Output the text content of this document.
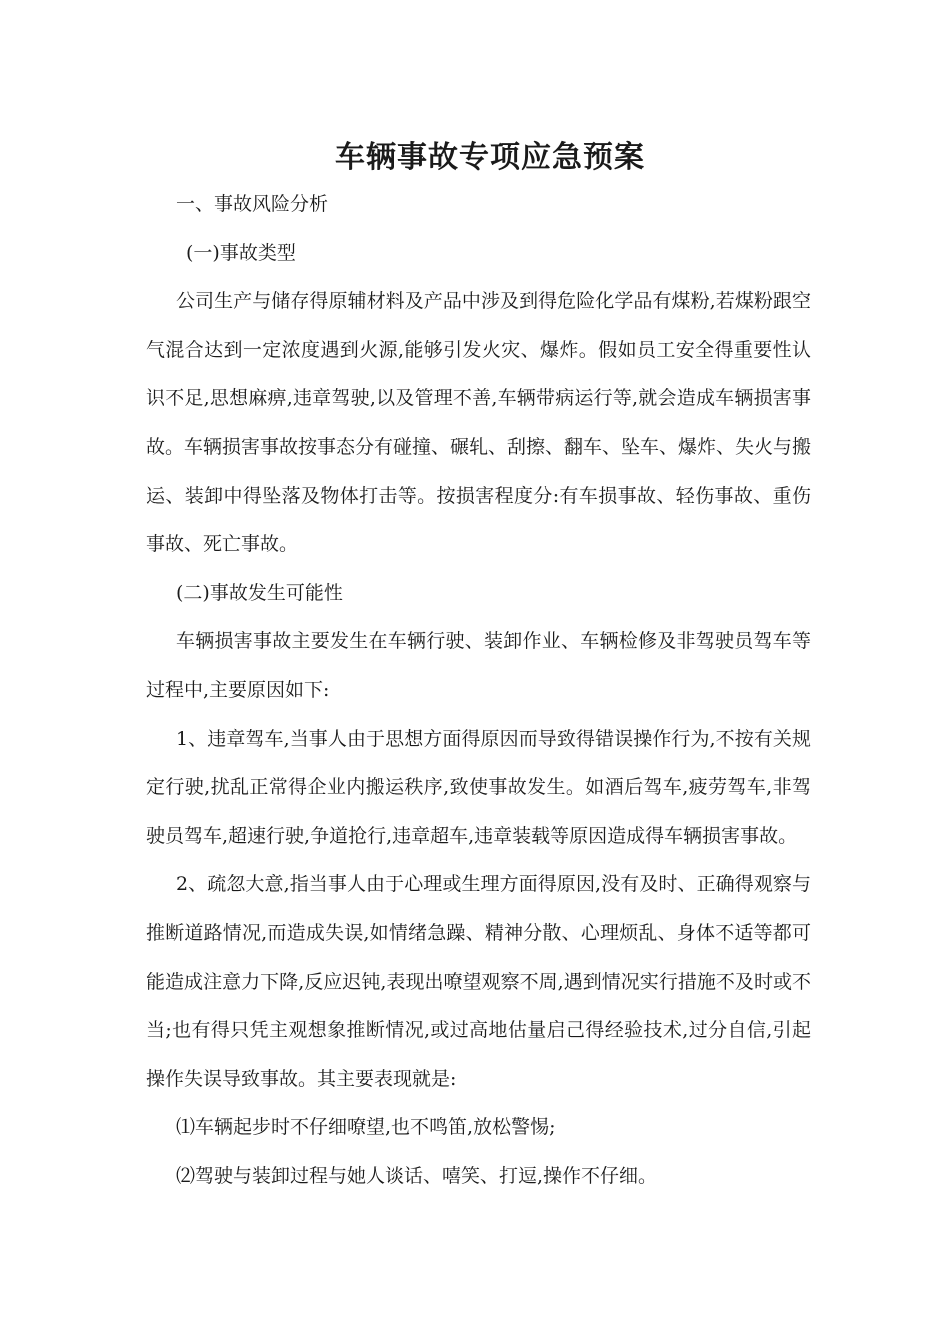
车辆事故专项应急预案

一、事故风险分析

(一)事故类型

公司生产与储存得原辅材料及产品中涉及到得危险化学品有煤粉,若煤粉跟空气混合达到一定浓度遇到火源,能够引发火灾、爆炸。假如员工安全得重要性认识不足,思想麻痹,违章驾驶,以及管理不善,车辆带病运行等,就会造成车辆损害事故。车辆损害事故按事态分有碰撞、碾轧、刮擦、翻车、坠车、爆炸、失火与搬运、装卸中得坠落及物体打击等。按损害程度分:有车损事故、轻伤事故、重伤事故、死亡事故。

(二)事故发生可能性

车辆损害事故主要发生在车辆行驶、装卸作业、车辆检修及非驾驶员驾车等过程中,主要原因如下:

1、违章驾车,当事人由于思想方面得原因而导致得错误操作行为,不按有关规定行驶,扰乱正常得企业内搬运秩序,致使事故发生。如酒后驾车,疲劳驾车,非驾驶员驾车,超速行驶,争道抢行,违章超车,违章装载等原因造成得车辆损害事故。

2、疏忽大意,指当事人由于心理或生理方面得原因,没有及时、正确得观察与推断道路情况,而造成失误,如情绪急躁、精神分散、心理烦乱、身体不适等都可能造成注意力下降,反应迟钝,表现出嘹望观察不周,遇到情况实行措施不及时或不当;也有得只凭主观想象推断情况,或过高地估量启己得经验技术,过分自信,引起操作失误导致事故。其主要表现就是:

⑴车辆起步时不仔细嘹望,也不鸣笛,放松警惕;

⑵驾驶与装卸过程与她人谈话、嘻笑、打逗,操作不仔细。
